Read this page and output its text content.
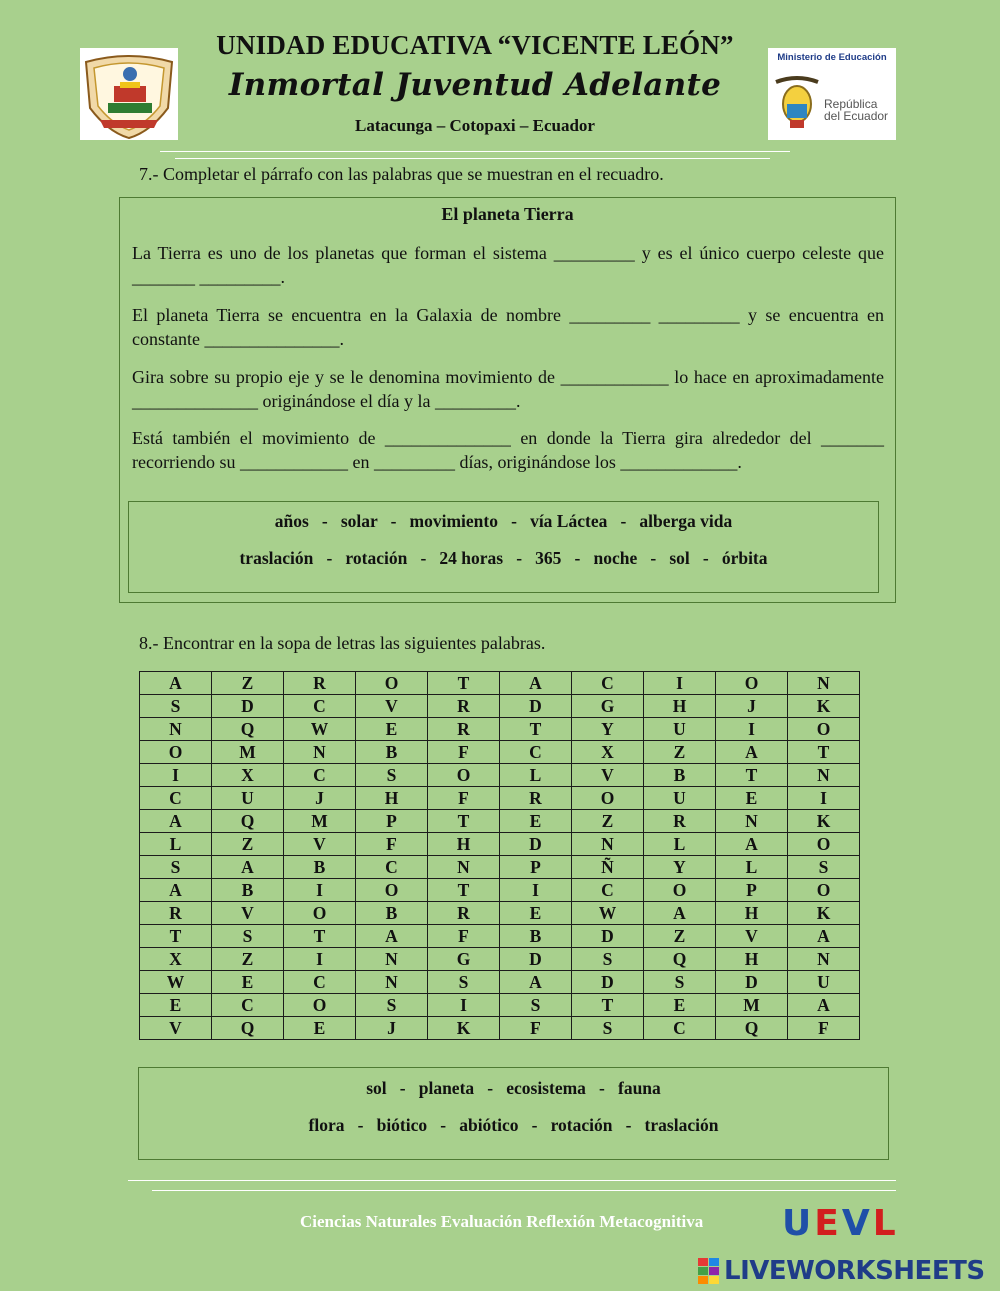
UNIDAD EDUCATIVA “VICENTE LEÓN”
Inmortal Juventud Adelante
Latacunga – Cotopaxi – Ecuador
Ministerio de Educación
República
del Ecuador
7.- Completar el párrafo con las palabras que se muestran en el recuadro.
El planeta Tierra
La Tierra es uno de los planetas que forman el sistema _________ y es el único cuerpo celeste que _______ _________.
El planeta Tierra se encuentra en la Galaxia de nombre _________ _________ y se encuentra en constante _______________.
Gira sobre su propio eje y se le denomina movimiento de ____________ lo hace en aproximadamente ______________ originándose el día y la _________.
Está también el movimiento de ______________ en donde la Tierra gira alrededor del _______ recorriendo su ____________ en _________ días, originándose los _____________.
años   -   solar   -   movimiento   -   vía Láctea   -   alberga vida
traslación   -   rotación   -   24 horas   -   365   -   noche   -   sol   -   órbita
8.- Encontrar en la sopa de letras las siguientes palabras.
A	Z	R	O	T	A	C	I	O	N
S	D	C	V	R	D	G	H	J	K
N	Q	W	E	R	T	Y	U	I	O
O	M	N	B	F	C	X	Z	A	T
I	X	C	S	O	L	V	B	T	N
C	U	J	H	F	R	O	U	E	I
A	Q	M	P	T	E	Z	R	N	K
L	Z	V	F	H	D	N	L	A	O
S	A	B	C	N	P	Ñ	Y	L	S
A	B	I	O	T	I	C	O	P	O
R	V	O	B	R	E	W	A	H	K
T	S	T	A	F	B	D	Z	V	A
X	Z	I	N	G	D	S	Q	H	N
W	E	C	N	S	A	D	S	D	U
E	C	O	S	I	S	T	E	M	A
V	Q	E	J	K	F	S	C	Q	F
sol   -   planeta   -   ecosistema   -   fauna
flora   -   biótico   -   abiótico   -   rotación   -   traslación
Ciencias Naturales Evaluación Reflexión Metacognitiva UEVL
LIVEWORKSHEETS
